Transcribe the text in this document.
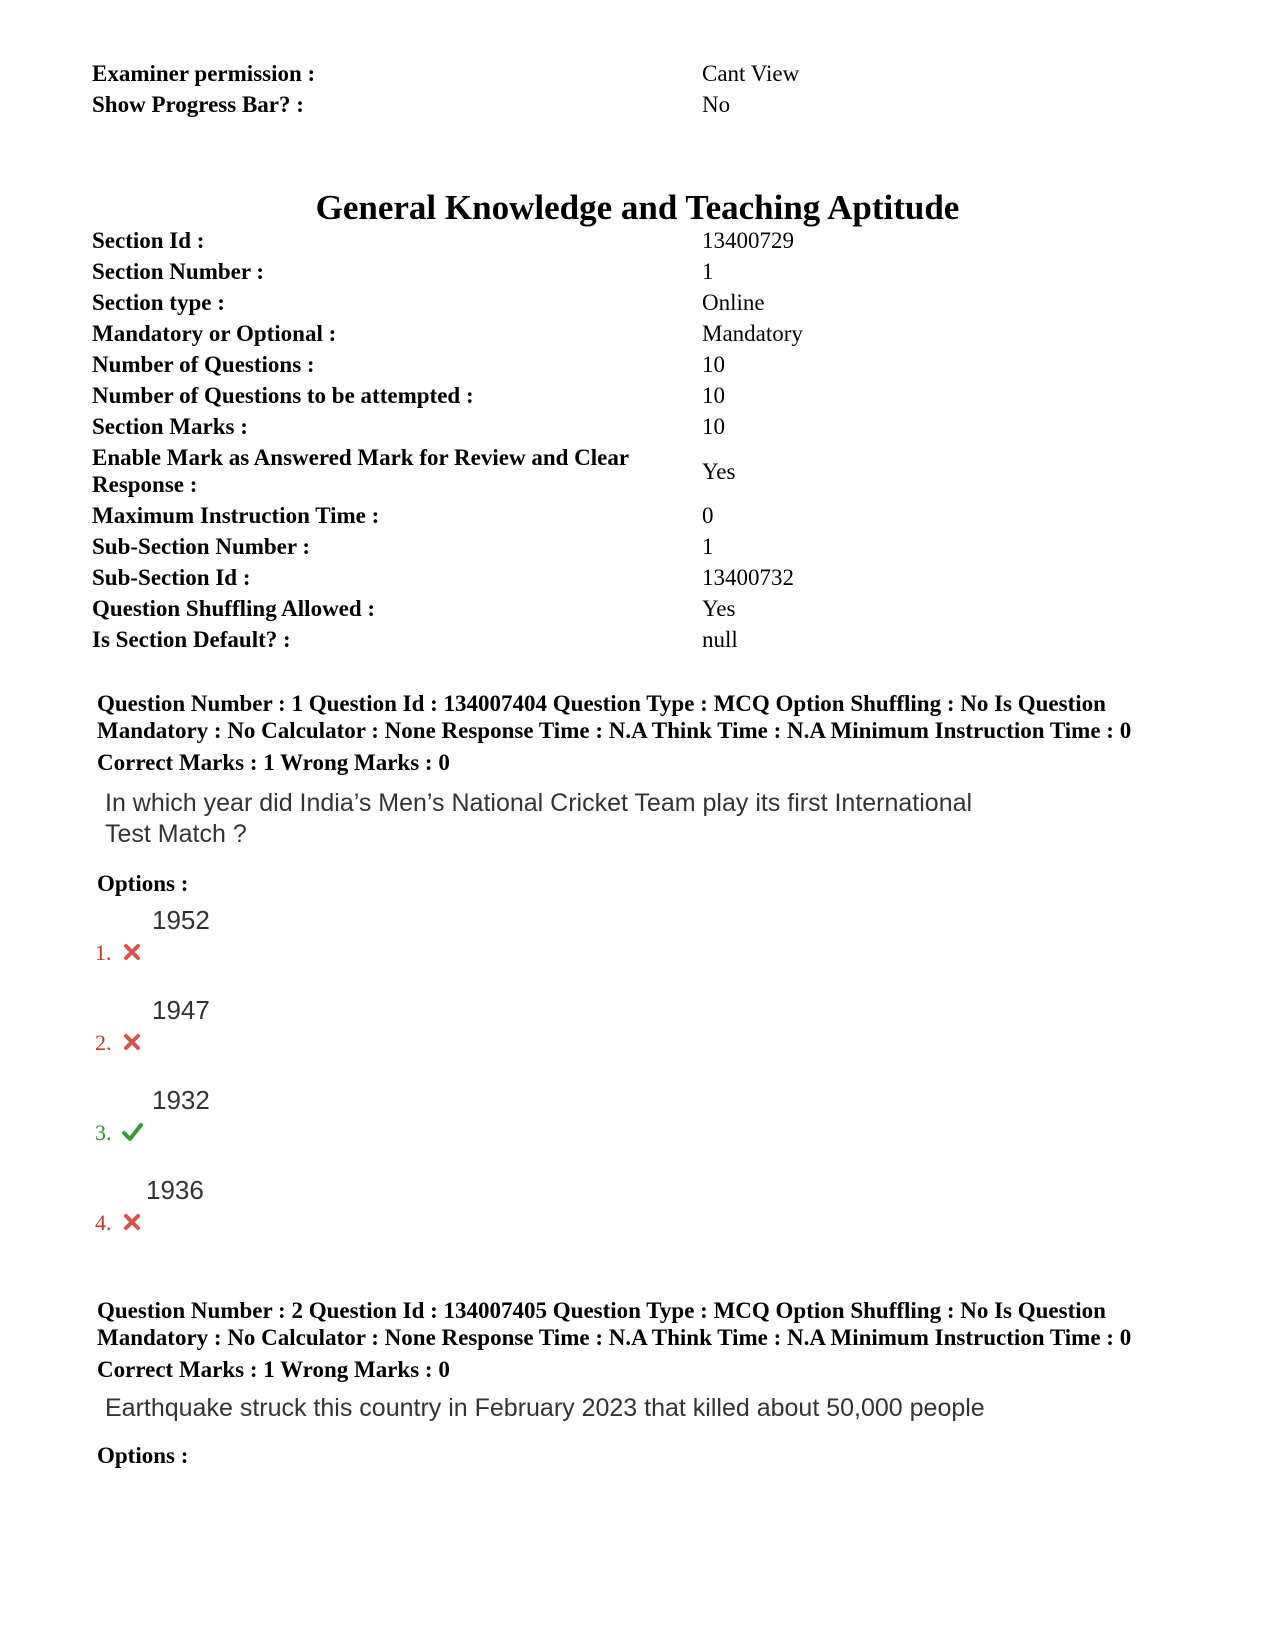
Examiner permission :	Cant View
Show Progress Bar? :	No
General Knowledge and Teaching Aptitude
Section Id :	13400729
Section Number :	1
Section type :	Online
Mandatory or Optional :	Mandatory
Number of Questions :	10
Number of Questions to be attempted :	10
Section Marks :	10
Enable Mark as Answered Mark for Review and Clear Response :
Yes
Maximum Instruction Time :	0
Sub-Section Number :	1
Sub-Section Id :	13400732
Question Shuffling Allowed :	Yes
Is Section Default? :	null
Question Number : 1 Question Id : 134007404 Question Type : MCQ Option Shuffling : No Is Question
Mandatory : No Calculator : None Response Time : N.A Think Time : N.A Minimum Instruction Time : 0
Correct Marks : 1 Wrong Marks : 0
In which year did India’s Men’s National Cricket Team play its first International
Test Match ?
Options :
1952
1.
1947
2.
1932
3.
1936
4.
Question Number : 2 Question Id : 134007405 Question Type : MCQ Option Shuffling : No Is Question
Mandatory : No Calculator : None Response Time : N.A Think Time : N.A Minimum Instruction Time : 0
Correct Marks : 1 Wrong Marks : 0
Earthquake struck this country in February 2023 that killed about 50,000 people
Options :
